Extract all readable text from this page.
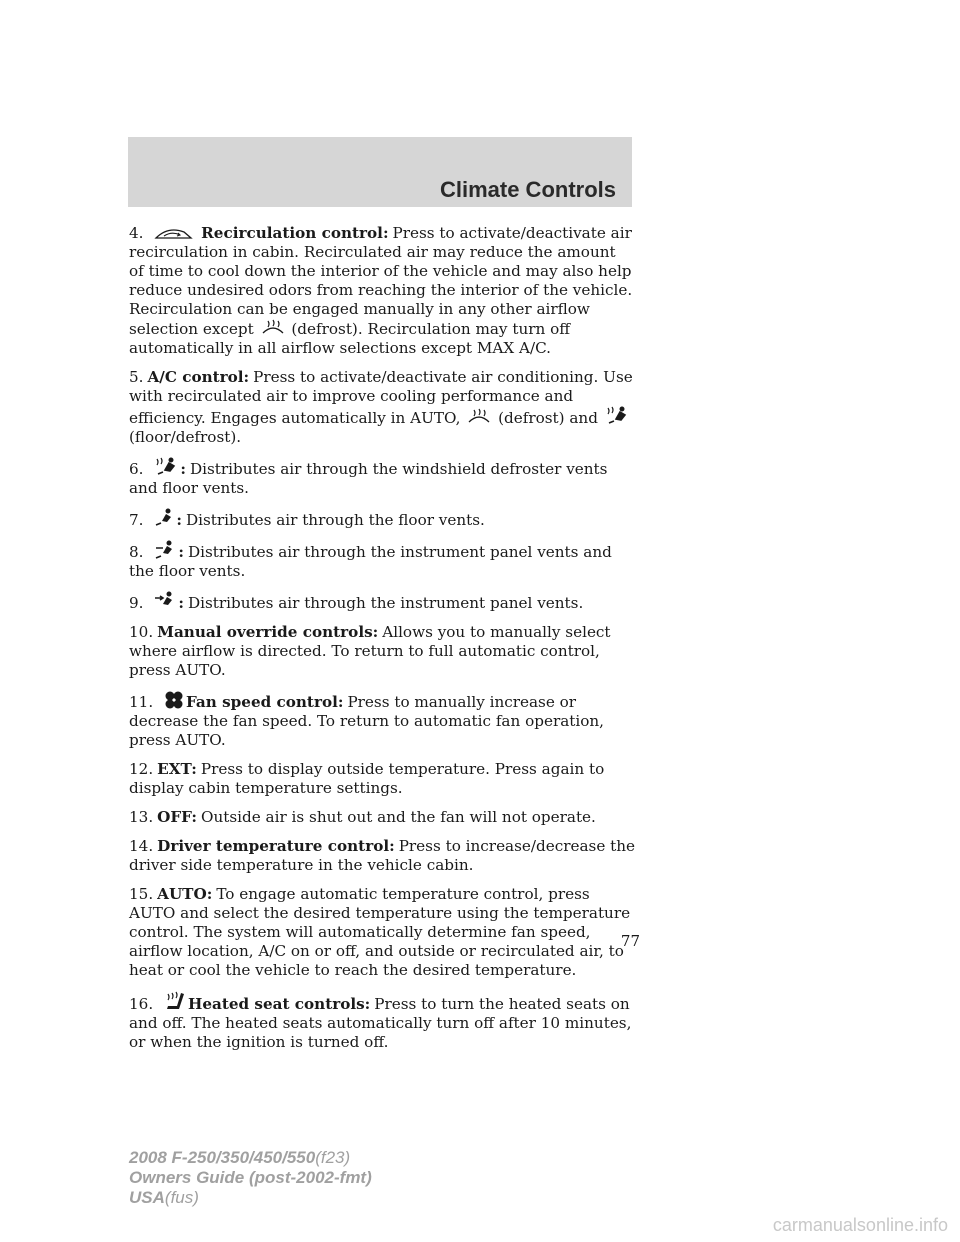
Climate Controls

4.	Recirculation control: Press to activate/deactivate air recirculation in cabin. Recirculated air may reduce the amount of time to cool down the interior of the vehicle and may also help reduce undesired odors from reaching the interior of the vehicle. Recirculation can be engaged manually in any other airflow selection except (defrost). Recirculation may turn off automatically in all airflow selections except MAX A/C.

5. A/C control: Press to activate/deactivate air conditioning. Use with recirculated air to improve cooling performance and efficiency. Engages automatically in AUTO, (defrost) and  (floor/defrost).

6. : Distributes air through the windshield defroster vents and floor vents.

7. : Distributes air through the floor vents.

8. : Distributes air through the instrument panel vents and the floor vents.

9. : Distributes air through the instrument panel vents.

10. Manual override controls: Allows you to manually select where airflow is directed. To return to full automatic control, press AUTO.

11. Fan speed control: Press to manually increase or decrease the fan speed. To return to automatic fan operation, press AUTO.

12. EXT: Press to display outside temperature. Press again to display cabin temperature settings.

13. OFF: Outside air is shut out and the fan will not operate.

14. Driver temperature control: Press to increase/decrease the driver side temperature in the vehicle cabin.

15. AUTO: To engage automatic temperature control, press AUTO and select the desired temperature using the temperature control. The system will automatically determine fan speed, airflow location, A/C on or off, and outside or recirculated air, to heat or cool the vehicle to reach the desired temperature.

16. Heated seat controls: Press to turn the heated seats on and off. The heated seats automatically turn off after 10 minutes, or when the ignition is turned off.

77
2008 F-250/350/450/550(f23)
Owners Guide (post-2002-fmt)
USA(fus)
carmanualsonline.info
